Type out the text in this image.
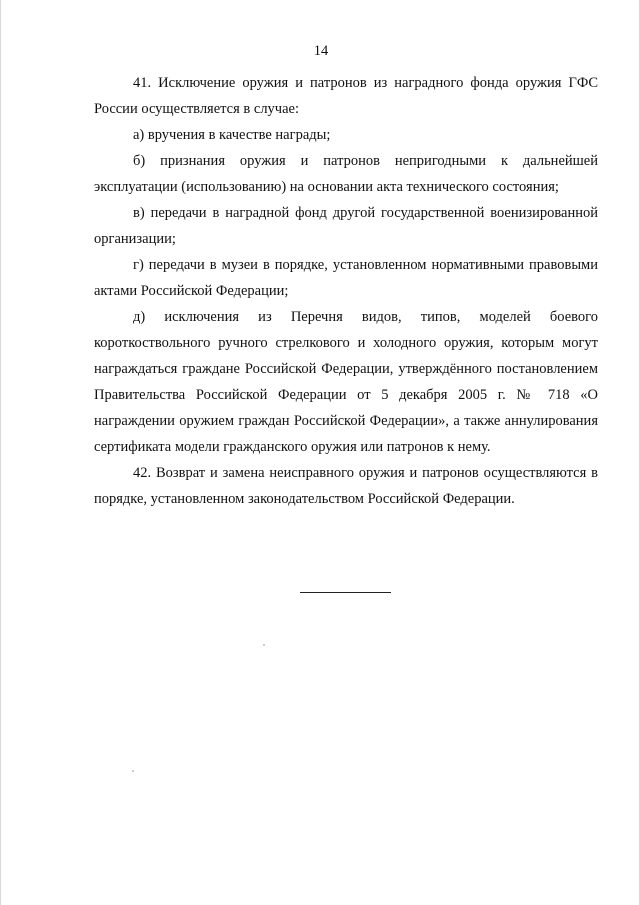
14

41. Исключение оружия и патронов из наградного фонда оружия ГФС России осуществляется в случае:

а) вручения в качестве награды;

б) признания оружия и патронов непригодными к дальнейшей эксплуатации (использованию) на основании акта технического состояния;

в) передачи в наградной фонд другой государственной военизированной организации;

г) передачи в музеи в порядке, установленном нормативными правовыми актами Российской Федерации;

д) исключения из Перечня видов, типов, моделей боевого короткоствольного ручного стрелкового и холодного оружия, которым могут награждаться граждане Российской Федерации, утверждённого постановлением Правительства Российской Федерации от 5 декабря 2005 г. № 718 «О награждении оружием граждан Российской Федерации», а также аннулирования сертификата модели гражданского оружия или патронов к нему.

42. Возврат и замена неисправного оружия и патронов осуществляются в порядке, установленном законодательством Российской Федерации.
